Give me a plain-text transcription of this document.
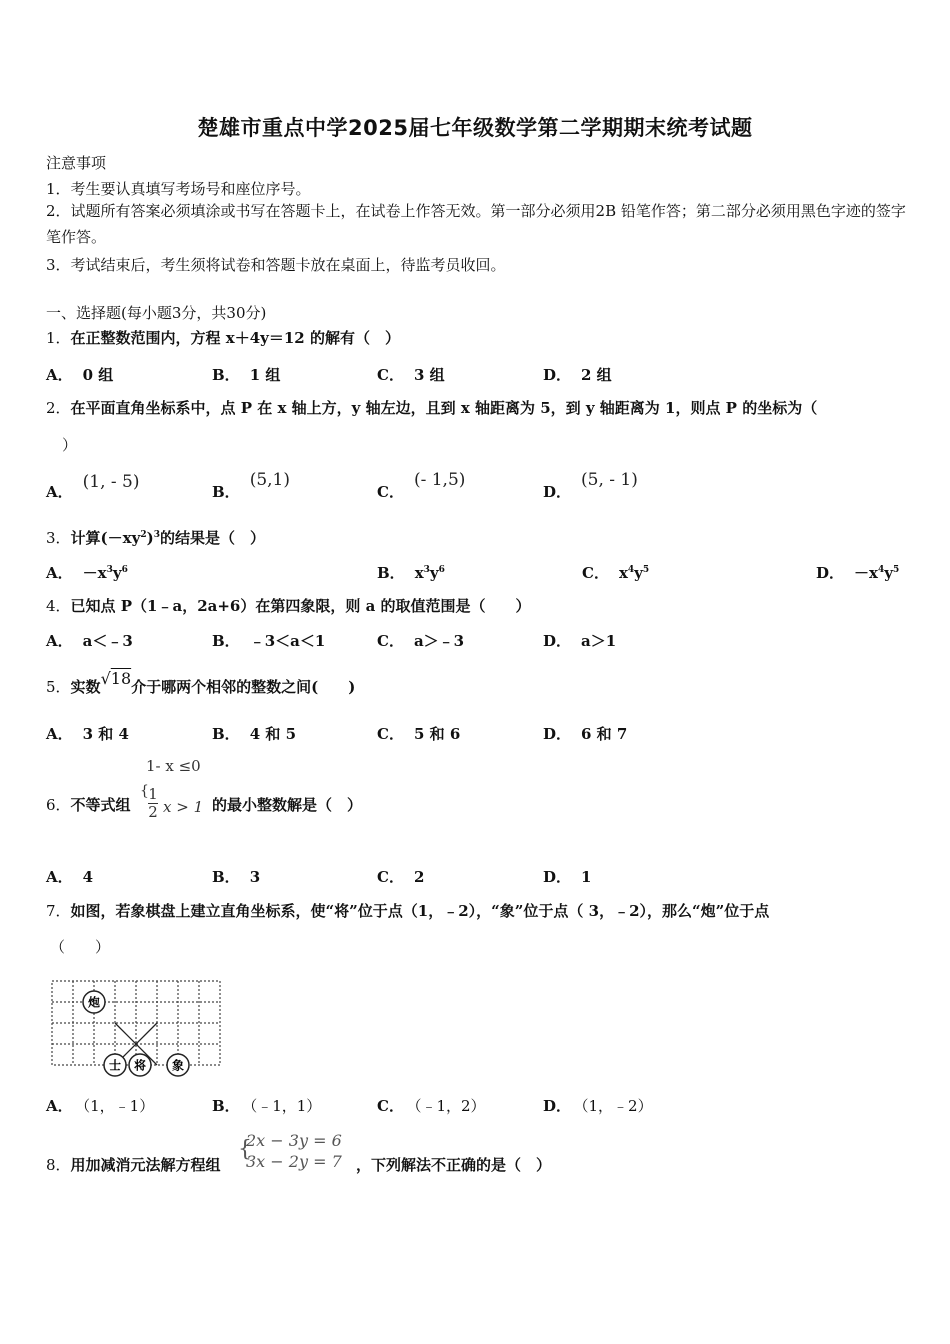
楚雄市重点中学2025届七年级数学第二学期期末统考试题
注意事项
1．考生要认真填写考场号和座位序号。
2．试题所有答案必须填涂或书写在答题卡上，在试卷上作答无效。第一部分必须用2B 铅笔作答；第二部分必须用黑色字迹的签字笔作答。
3．考试结束后，考生须将试卷和答题卡放在桌面上，待监考员收回。
一、选择题(每小题3分，共30分)
1．在正整数范围内，方程 x＋4y＝12 的解有（　）
A． 0 组	B． 1 组	C． 3 组	D． 2 组
2．在平面直角坐标系中，点 P 在 x 轴上方，y 轴左边，且到 x 轴距离为 5，到 y 轴距离为 1，则点 P 的坐标为（
）
A． (1, - 5)	B．(5,1)
C．(- 1,5)
D．(5, - 1)
3．计算$(-xy^2)^3$的结果是（　）
A． $-x^3y^6$	B． $x^3y^6$	C． $x^4y^5$	D． $-x^4y^5$
4．已知点 P（1﹣a，2a+6）在第四象限，则 a 的取值范围是（　　）
A． a＜﹣3	B． ﹣3＜a＜1	C． a＞﹣3	D． a＞1
5．实数√18介于哪两个相邻的整数之间(　　)
A． 3 和 4	B． 4 和 5	C． 5 和 6	D． 6 和 7
1- x ≤0
6．不等式组
{ 1
2 x > 1 的最小整数解是（　）
A． 4	B． 3	C． 2	D． 1
7．如图，若象棋盘上建立直角坐标系，使“将”位于点（1，﹣2），“象”位于点（ 3，﹣2），那么“炮”位于点
（　　）
炮
士 将 象
A． （1，﹣1）	B． （﹣1，1）	C． （﹣1，2）	D． （1，﹣2）
8．用加减消元法解方程组
{
2x − 3y = 6
3x − 2y = 7 ，下列解法不正确的是（　）
